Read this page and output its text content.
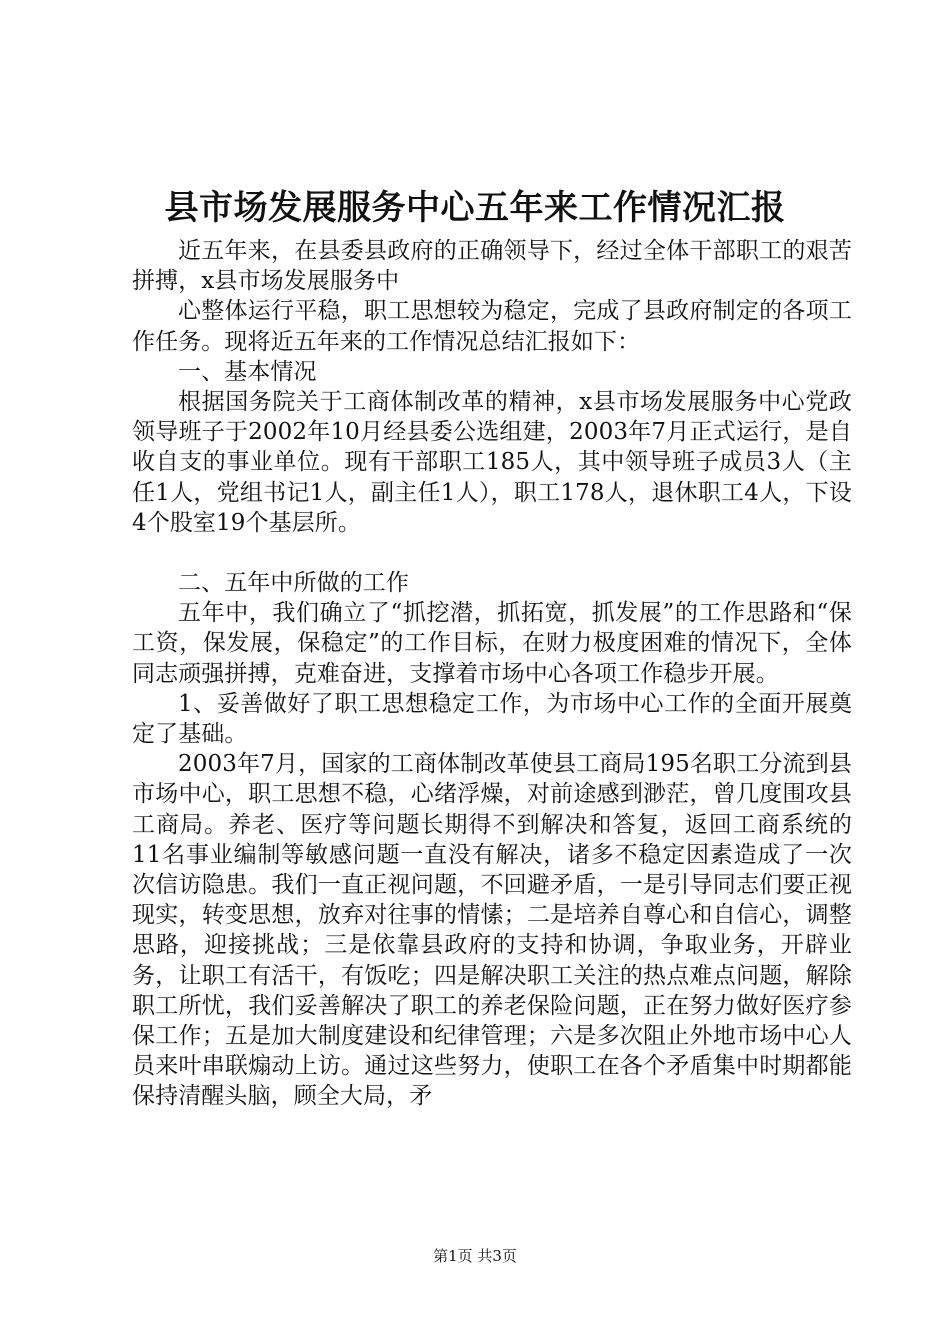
县市场发展服务中心五年来工作情况汇报

近五年来，在县委县政府的正确领导下，经过全体干部职工的艰苦拼搏，x县市场发展服务中

心整体运行平稳，职工思想较为稳定，完成了县政府制定的各项工作任务。现将近五年来的工作情况总结汇报如下：

一、基本情况

根据国务院关于工商体制改革的精神，x县市场发展服务中心党政领导班子于2002年10月经县委公选组建，2003年7月正式运行，是自收自支的事业单位。现有干部职工185人，其中领导班子成员3人（主任1人，党组书记1人，副主任1人），职工178人，退休职工4人，下设4个股室19个基层所。

二、五年中所做的工作

五年中，我们确立了“抓挖潜，抓拓宽，抓发展”的工作思路和“保工资，保发展，保稳定”的工作目标，在财力极度困难的情况下，全体同志顽强拼搏，克难奋进，支撑着市场中心各项工作稳步开展。

1、妥善做好了职工思想稳定工作，为市场中心工作的全面开展奠定了基础。

2003年7月，国家的工商体制改革使县工商局195名职工分流到县市场中心，职工思想不稳，心绪浮燥，对前途感到渺茫，曾几度围攻县工商局。养老、医疗等问题长期得不到解决和答复，返回工商系统的11名事业编制等敏感问题一直没有解决，诸多不稳定因素造成了一次次信访隐患。我们一直正视问题，不回避矛盾，一是引导同志们要正视现实，转变思想，放弃对往事的情愫；二是培养自尊心和自信心，调整思路，迎接挑战；三是依靠县政府的支持和协调，争取业务，开辟业务，让职工有活干，有饭吃；四是解决职工关注的热点难点问题，解除职工所忧，我们妥善解决了职工的养老保险问题，正在努力做好医疗参保工作；五是加大制度建设和纪律管理；六是多次阻止外地市场中心人员来叶串联煽动上访。通过这些努力，使职工在各个矛盾集中时期都能保持清醒头脑，顾全大局，矛

第1页 共3页
